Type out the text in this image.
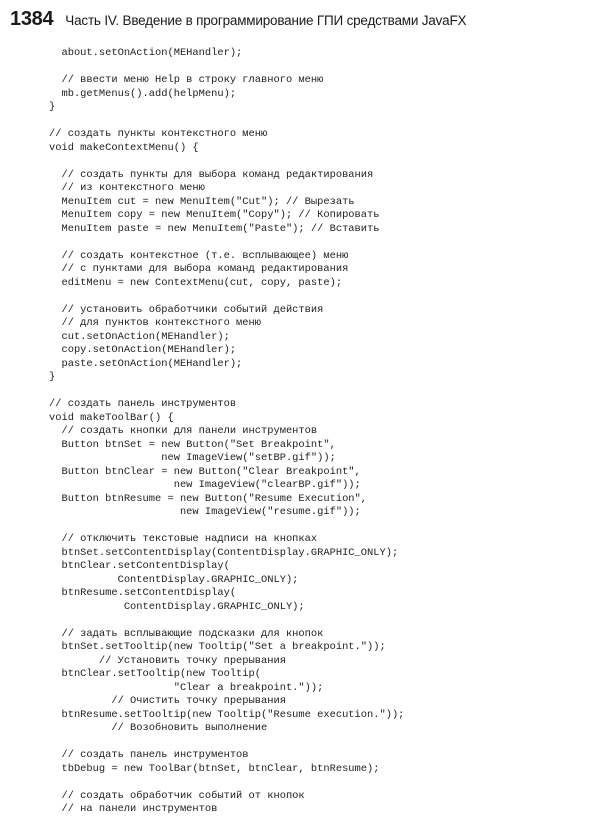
1384 Часть IV. Введение в программирование ГПИ средствами JavaFX
about.setOnAction(MEHandler);

// ввести меню Help в строку главного меню
mb.getMenus().add(helpMenu);
}

// создать пункты контекстного меню
void makeContextMenu() {

// создать пункты для выбора команд редактирования
// из контекстного меню
MenuItem cut = new MenuItem("Cut"); // Вырезать
MenuItem copy = new MenuItem("Copy"); // Копировать
MenuItem paste = new MenuItem("Paste"); // Вставить

// создать контекстное (т.е. всплывающее) меню
// с пунктами для выбора команд редактирования
editMenu = new ContextMenu(cut, copy, paste);

// установить обработчики событий действия
// для пунктов контекстного меню
cut.setOnAction(MEHandler);
copy.setOnAction(MEHandler);
paste.setOnAction(MEHandler);
}

// создать панель инструментов
void makeToolBar() {
// создать кнопки для панели инструментов
Button btnSet = new Button("Set Breakpoint",
new ImageView("setBP.gif"));
Button btnClear = new Button("Clear Breakpoint",
new ImageView("clearBP.gif"));
Button btnResume = new Button("Resume Execution",
new ImageView("resume.gif"));

// отключить текстовые надписи на кнопках
btnSet.setContentDisplay(ContentDisplay.GRAPHIC_ONLY);
btnClear.setContentDisplay(
ContentDisplay.GRAPHIC_ONLY);
btnResume.setContentDisplay(
ContentDisplay.GRAPHIC_ONLY);

// задать всплывающие подсказки для кнопок
btnSet.setTooltip(new Tooltip("Set a breakpoint."));
// Установить точку прерывания
btnClear.setTooltip(new Tooltip(
"Clear a breakpoint."));
// Очистить точку прерывания
btnResume.setTooltip(new Tooltip("Resume execution."));
// Возобновить выполнение

// создать панель инструментов
tbDebug = new ToolBar(btnSet, btnClear, btnResume);

// создать обработчик событий от кнопок
// на панели инструментов
